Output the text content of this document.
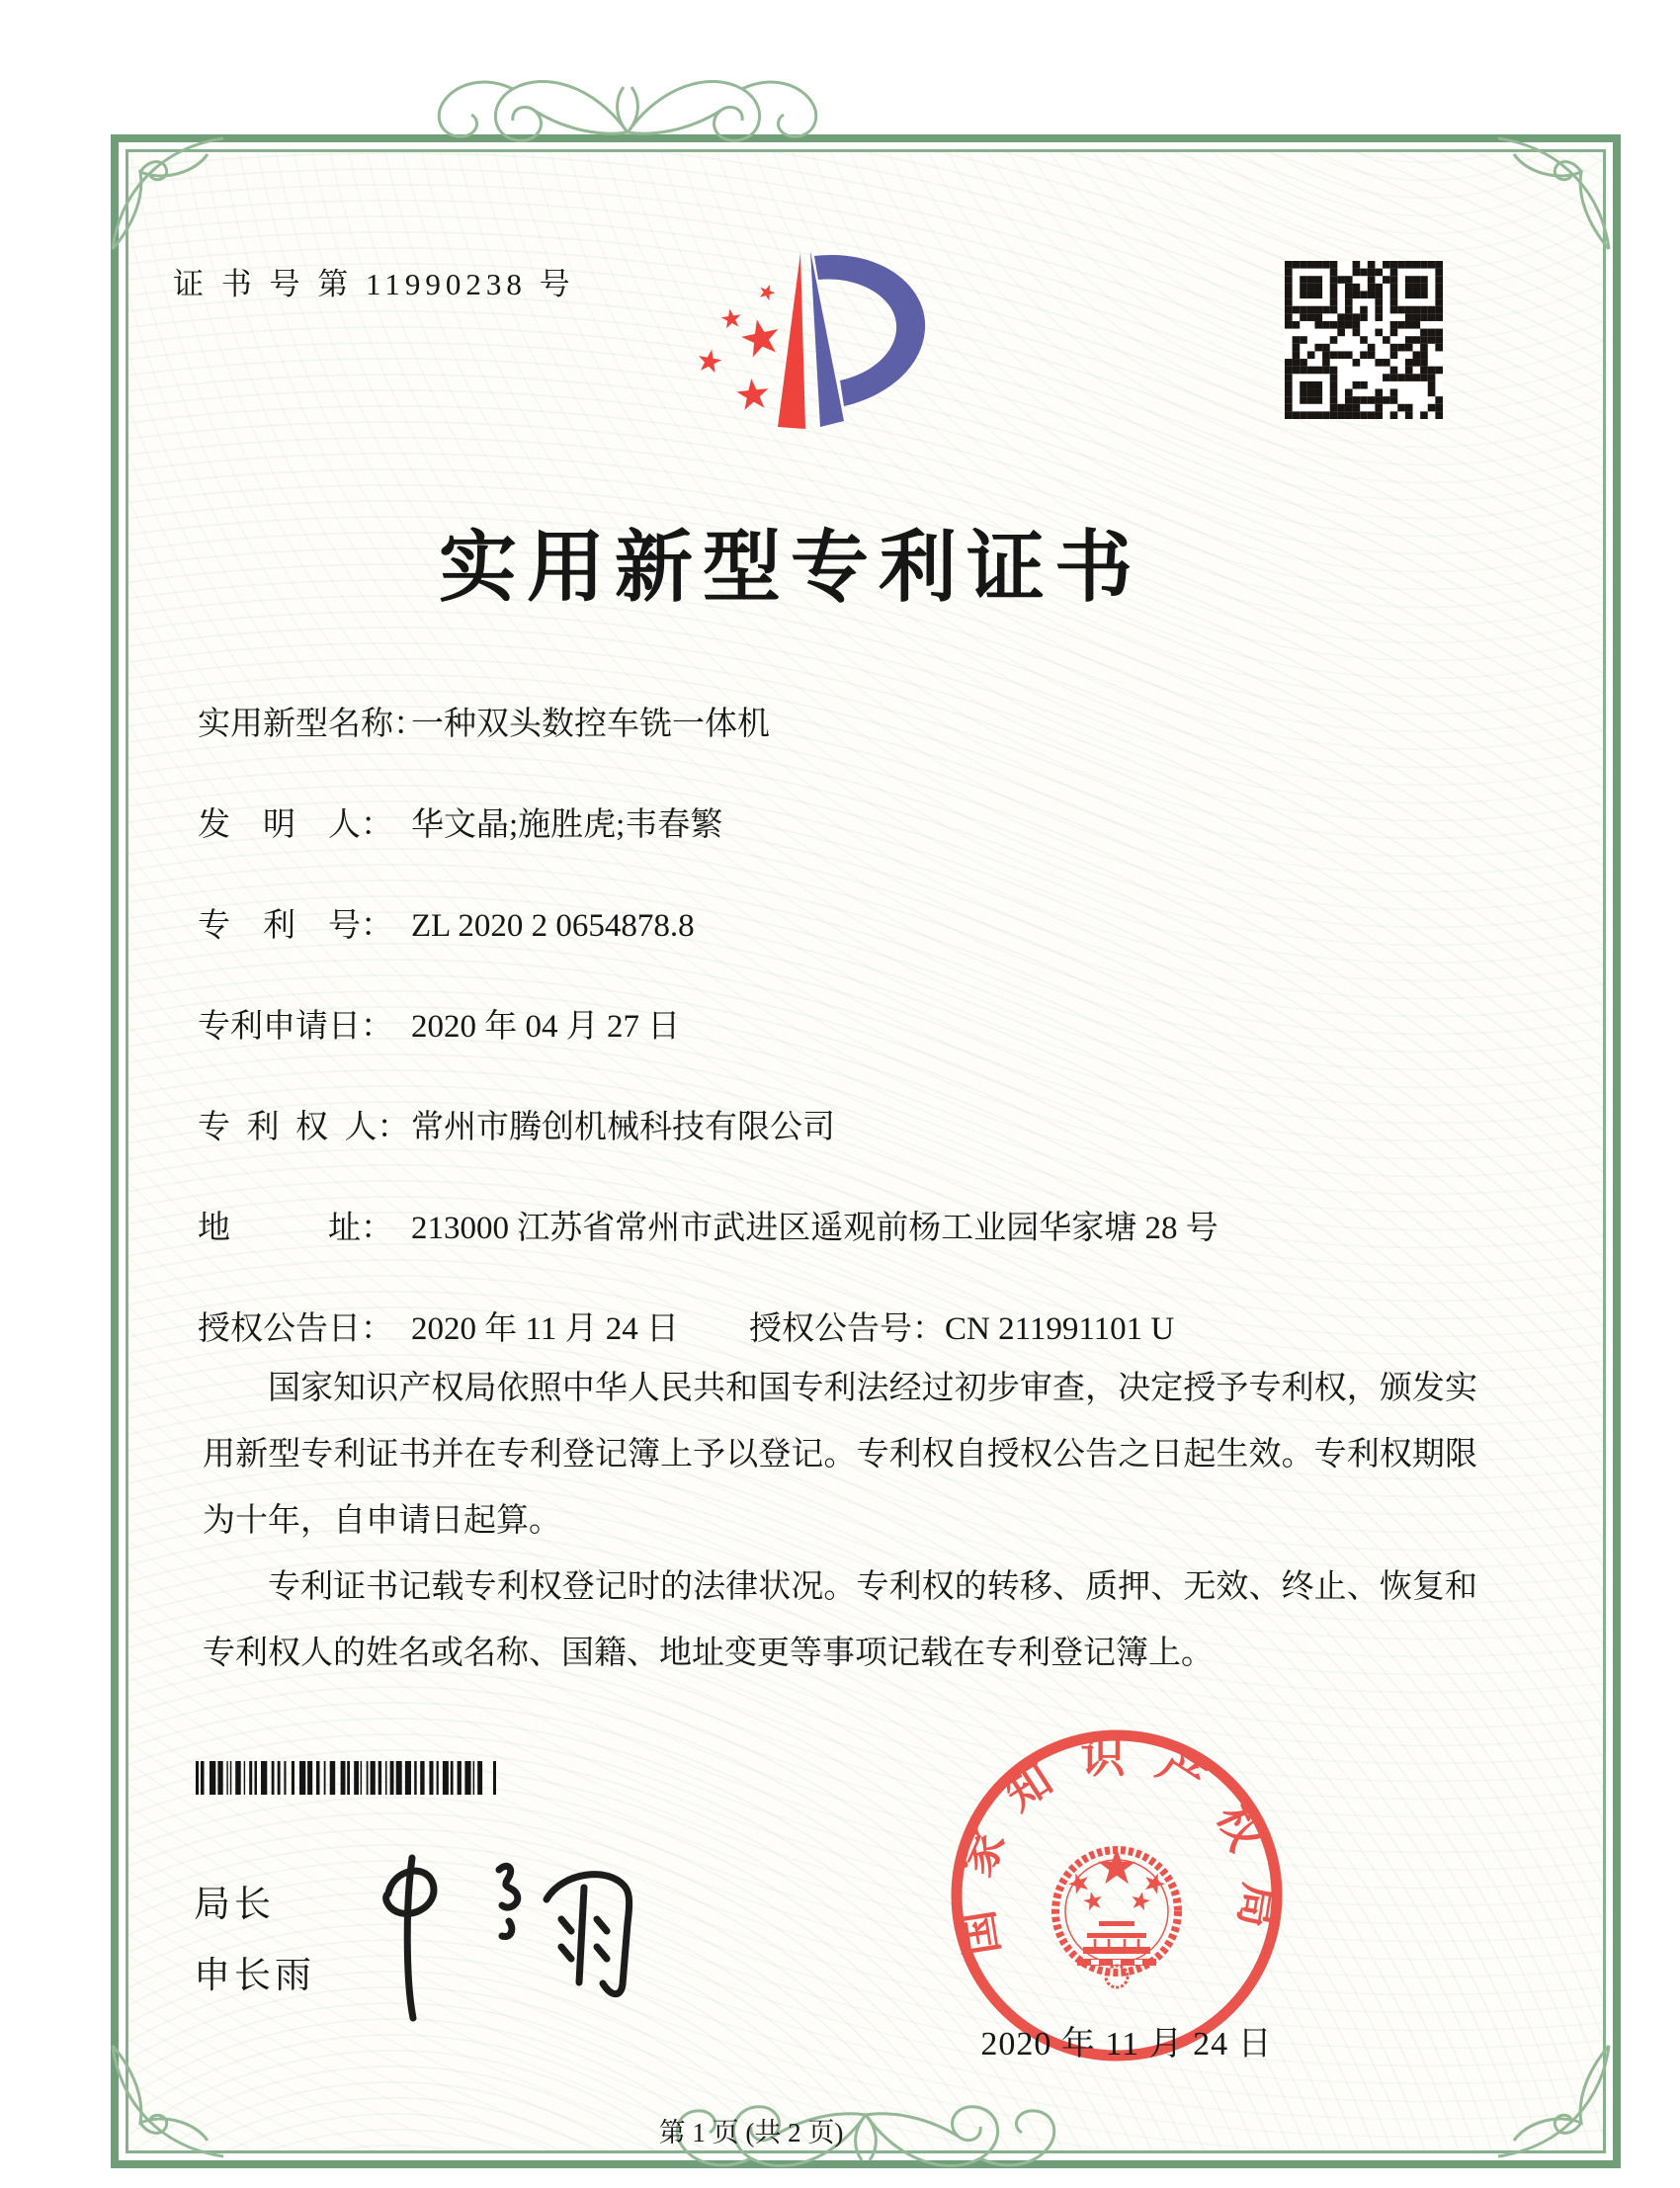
证 书 号 第 11990238 号
实用新型专利证书
实用新型名称：一种双头数控车铣一体机
发　明　人： 华文晶;施胜虎;韦春繁
专　利　号： ZL 2020 2 0654878.8
专利申请日： 2020 年 04 月 27 日
专 利 权 人：常州市腾创机械科技有限公司
地　　　址： 213000 江苏省常州市武进区遥观前杨工业园华家塘 28 号
授权公告日： 2020 年 11 月 24 日 授权公告号：CN 211991101 U

国家知识产权局依照中华人民共和国专利法经过初步审查，决定授予专利权，颁发实用新型专利证书并在专利登记簿上予以登记。专利权自授权公告之日起生效。专利权期限为十年，自申请日起算。

专利证书记载专利权登记时的法律状况。专利权的转移、质押、无效、终止、恢复和专利权人的姓名或名称、国籍、地址变更等事项记载在专利登记簿上。

局长
申长雨
国家知识产权局
2020 年 11 月 24 日
第 1 页 (共 2 页)
